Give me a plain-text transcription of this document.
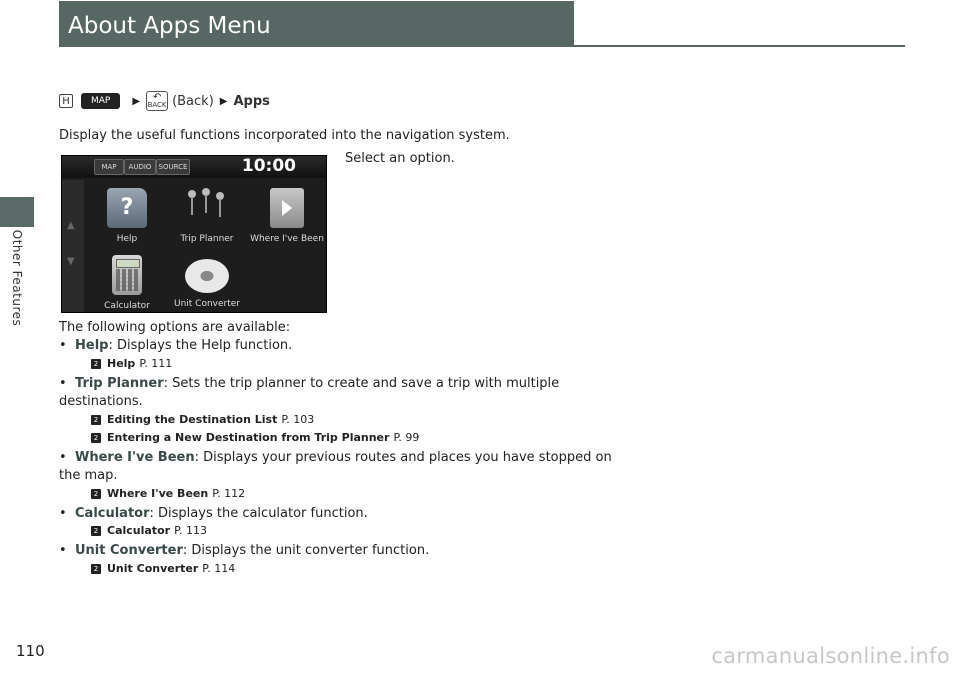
Other Features
About Apps Menu
H	MAP	▶ ↶
BACK (Back) ▶ Apps
Display the useful functions incorporated into the navigation system.
Select an option.
MAP	AUDIO	SOURCE	10:00
▲
▼
?
Help	Trip Planner	Where I've Been
Calculator	Unit Converter
The following options are available:
• Help: Displays the Help function.
2 Help P. 111
• Trip Planner: Sets the trip planner to create and save a trip with multiple
destinations.
2 Editing the Destination List P. 103
2 Entering a New Destination from Trip Planner P. 99
• Where I've Been: Displays your previous routes and places you have stopped on
the map.
2 Where I've Been P. 112
• Calculator: Displays the calculator function.
2 Calculator P. 113
• Unit Converter: Displays the unit converter function.
2 Unit Converter P. 114
110	carmanualsonline.info
